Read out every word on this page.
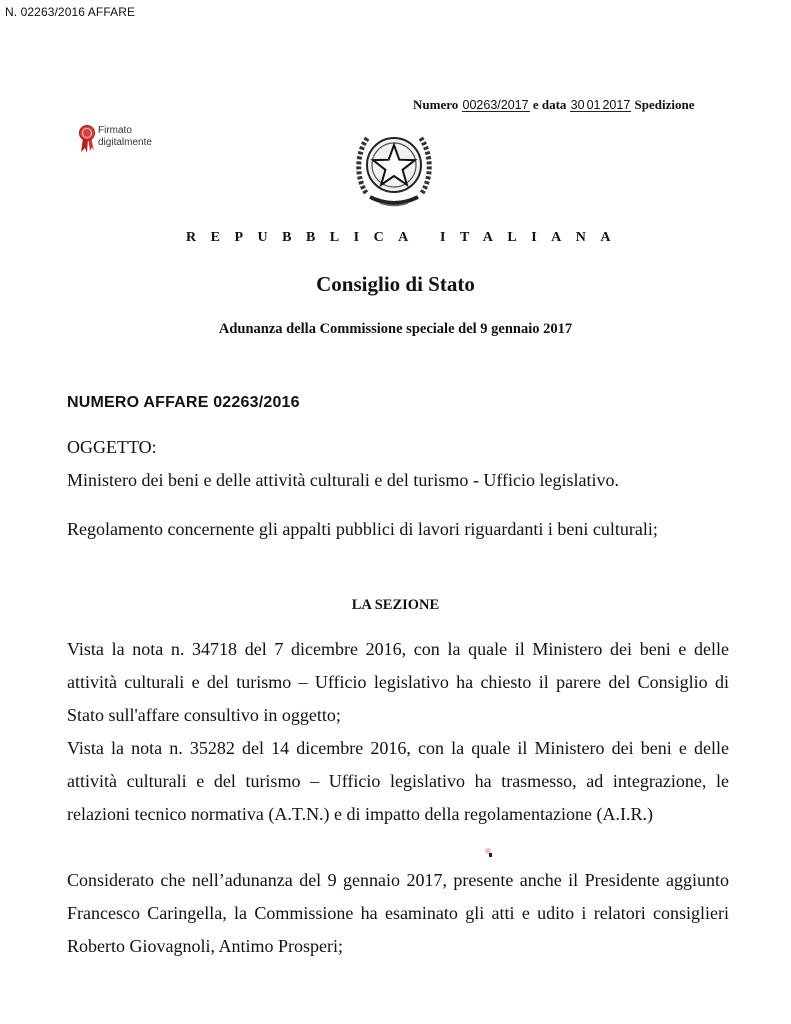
N. 02263/2016 AFFARE
Numero 00263/2017 e data 30 01 2017 Spedizione
Firmato
digitalmente
REPUBBLICA ITALIANA
Consiglio di Stato
Adunanza della Commissione speciale del 9 gennaio 2017
NUMERO AFFARE 02263/2016
OGGETTO:
Ministero dei beni e delle attività culturali e del turismo - Ufficio legislativo.
Regolamento concernente gli appalti pubblici di lavori riguardanti i beni culturali;
LA SEZIONE
Vista la nota n. 34718 del 7 dicembre 2016, con la quale il Ministero dei beni e delle attività culturali e del turismo – Ufficio legislativo ha chiesto il parere del Consiglio di Stato sull'affare consultivo in oggetto;
Vista la nota n. 35282 del 14 dicembre 2016, con la quale il Ministero dei beni e delle attività culturali e del turismo – Ufficio legislativo ha trasmesso, ad integrazione, le relazioni tecnico normativa (A.T.N.) e di impatto della regolamentazione (A.I.R.)
Considerato che nell’adunanza del 9 gennaio 2017, presente anche il Presidente aggiunto Francesco Caringella, la Commissione ha esaminato gli atti e udito i relatori consiglieri Roberto Giovagnoli, Antimo Prosperi;
